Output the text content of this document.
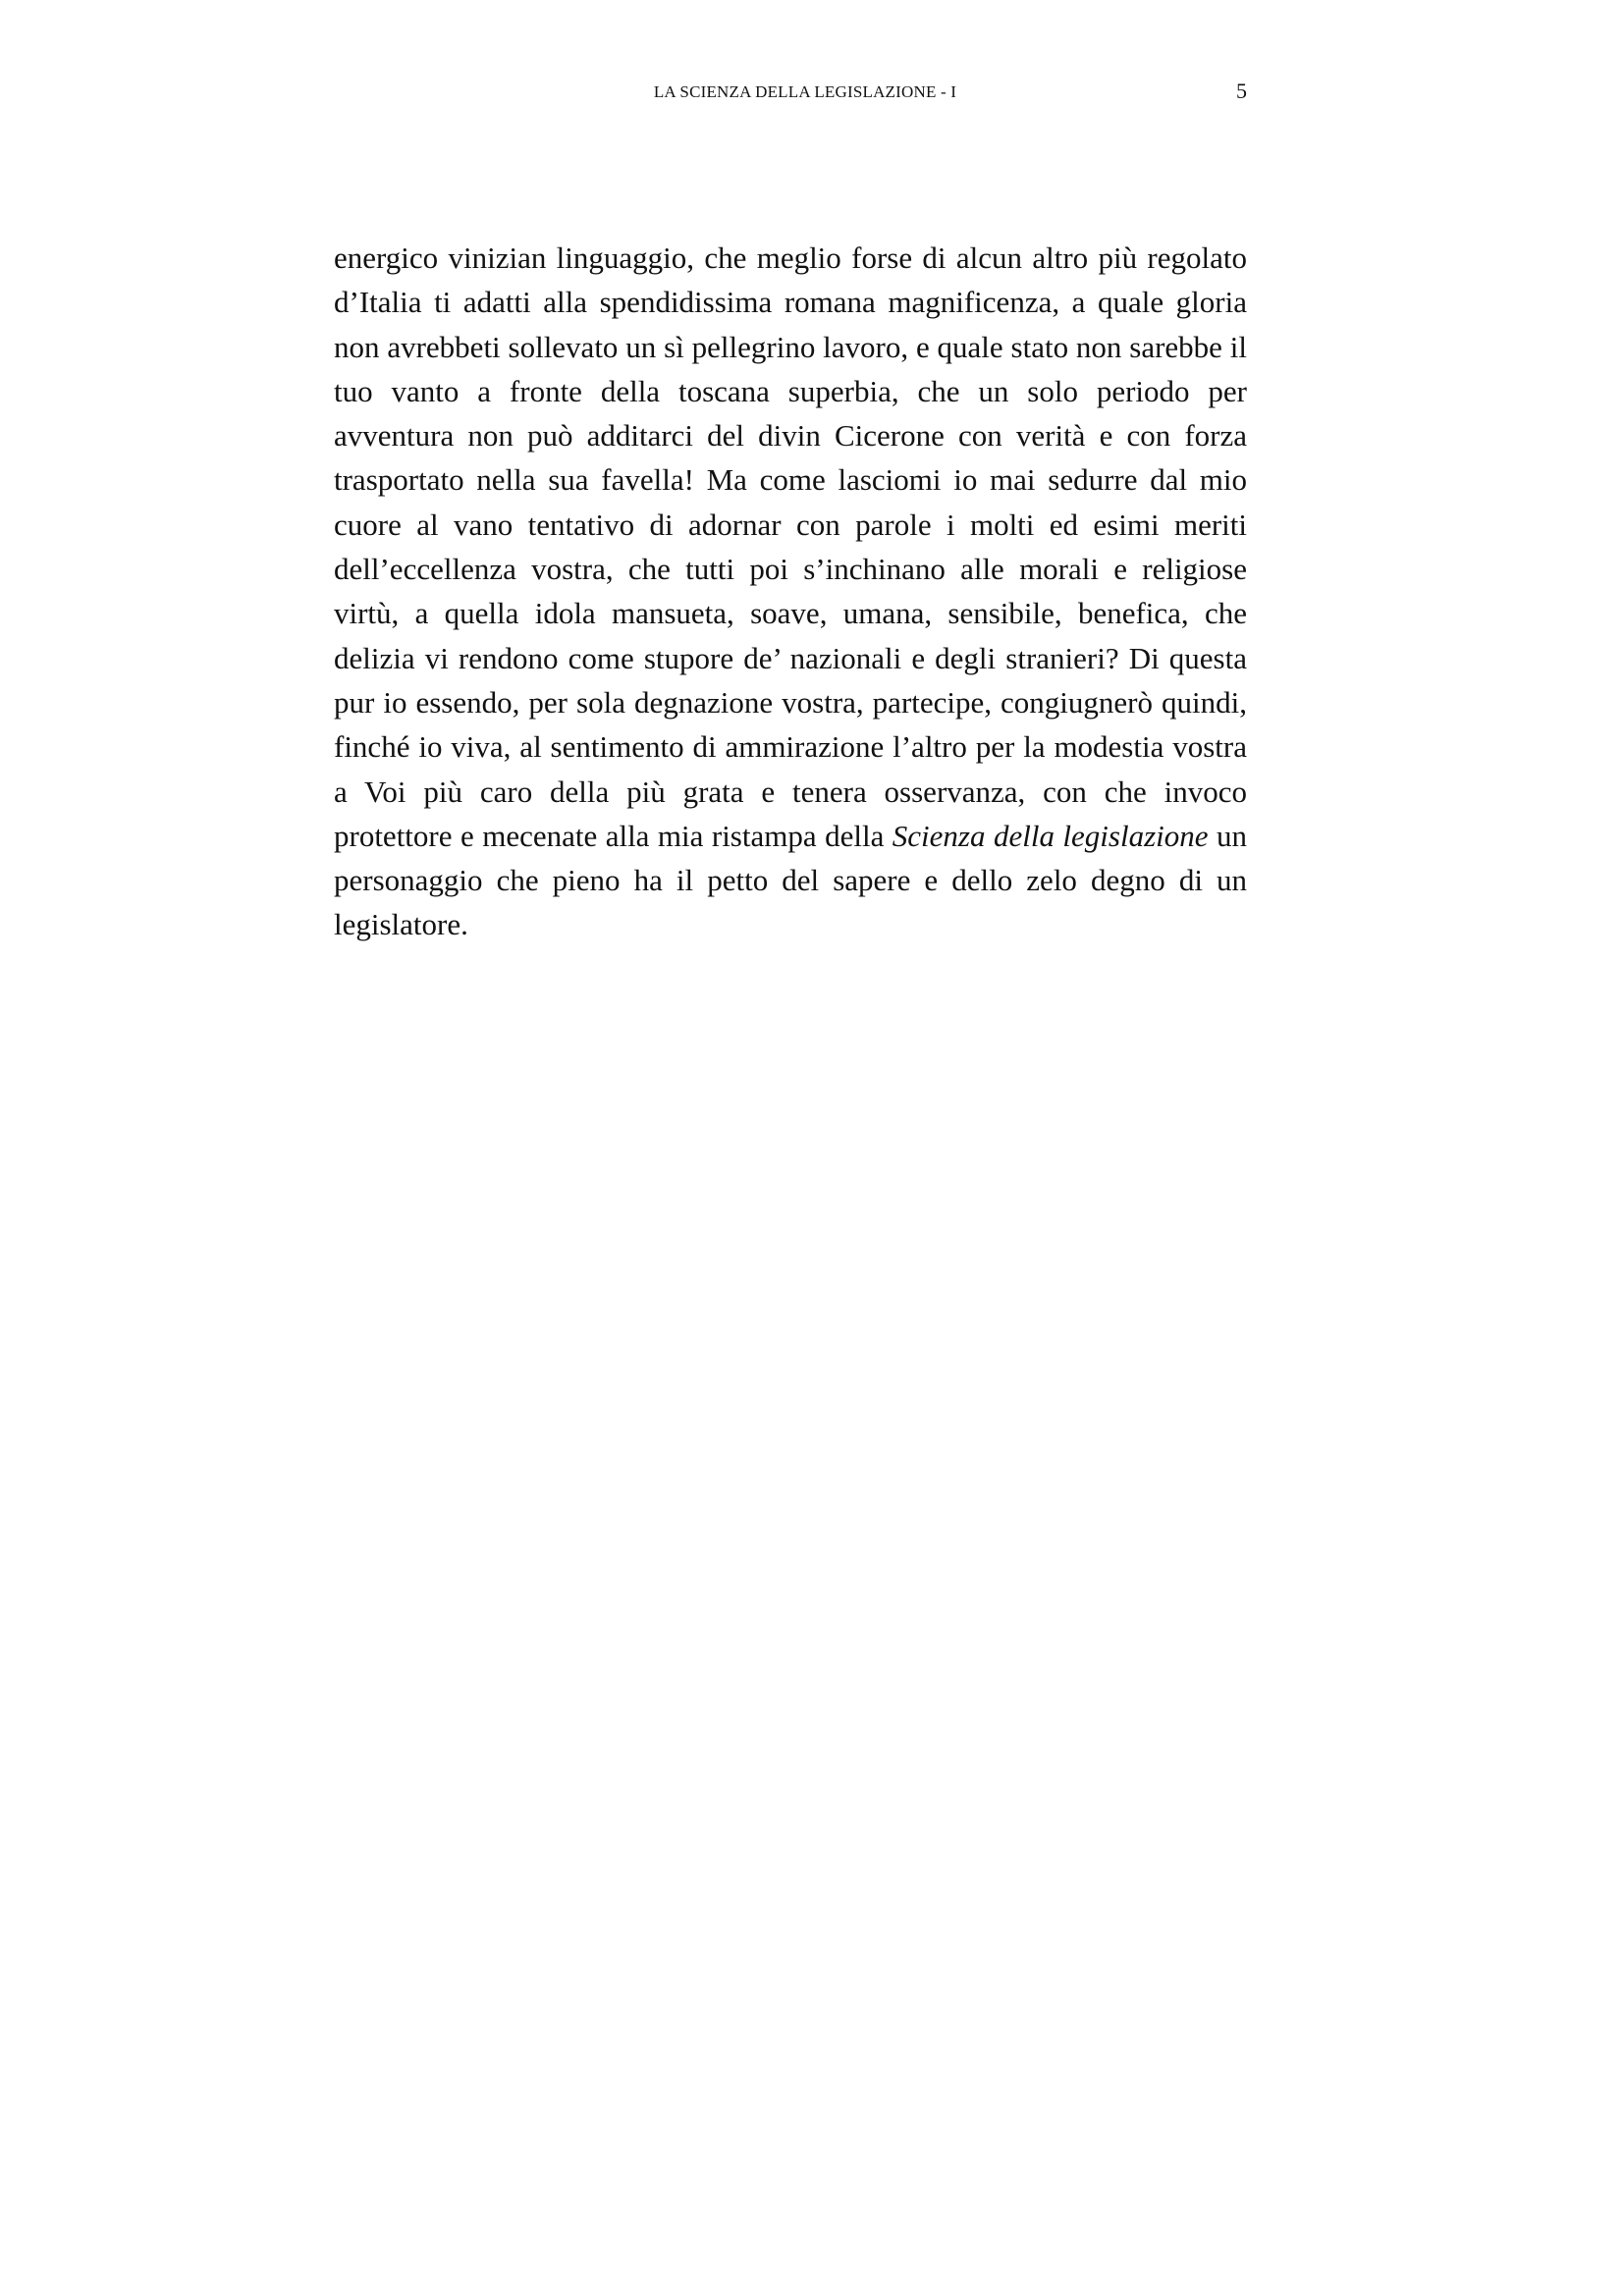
LA SCIENZA DELLA LEGISLAZIONE - I	5

energico vinizian linguaggio, che meglio forse di alcun altro più regolato d’Italia ti adatti alla spendidissima romana magnificenza, a quale gloria non avrebbeti sollevato un sì pellegrino lavoro, e quale stato non sarebbe il tuo vanto a fronte della toscana superbia, che un solo periodo per avventura non può additarci del divin Cicerone con verità e con forza trasportato nella sua favella! Ma come lasciomi io mai sedurre dal mio cuore al vano tentativo di adornar con parole i molti ed esimi meriti dell’eccellenza vostra, che tutti poi s’inchinano alle morali e religiose virtù, a quella idola mansueta, soave, umana, sensibile, benefica, che delizia vi rendono come stupore de’ nazionali e degli stranieri? Di questa pur io essendo, per sola degnazione vostra, partecipe, congiugnerò quindi, finché io viva, al sentimento di ammirazione l’altro per la modestia vostra a Voi più caro della più grata e tenera osservanza, con che invoco protettore e mecenate alla mia ristampa della Scienza della legislazione un personaggio che pieno ha il petto del sapere e dello zelo degno di un legislatore.
